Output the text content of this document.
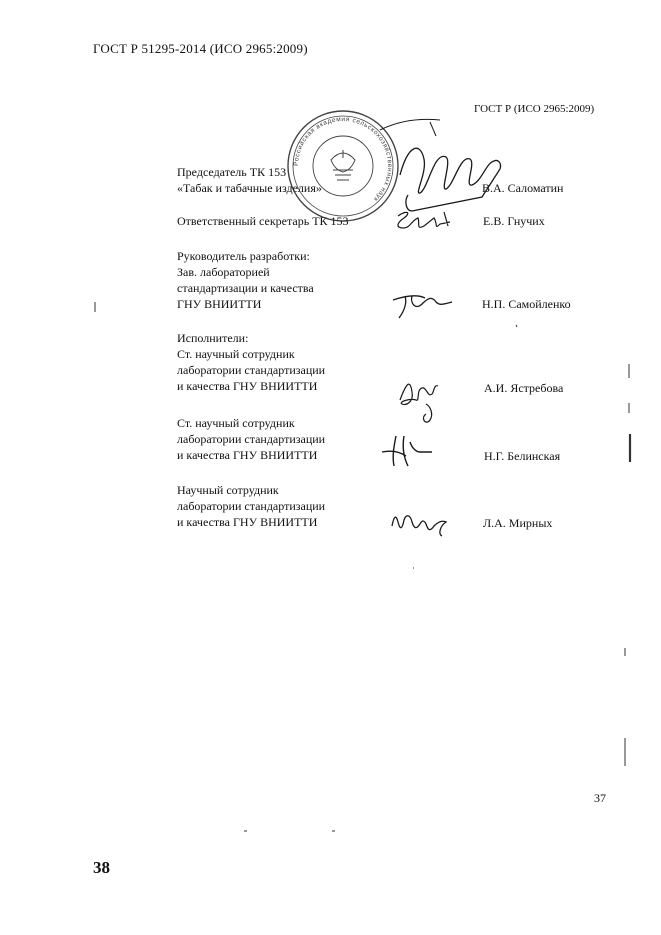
ГОСТ Р 51295-2014 (ИСО 2965:2009)
ГОСТ Р (ИСО 2965:2009)
Председатель ТК 153
«Табак и табачные изделия»	В.А. Саломатин
Ответственный секретарь ТК 153	Е.В. Гнучих
Руководитель разработки:
Зав. лабораторией
стандартизации и качества
ГНУ ВНИИТТИ	Н.П. Самойленко
Исполнители:
Ст. научный сотрудник
лаборатории стандартизации
и качества ГНУ ВНИИТТИ	А.И. Ястребова
Ст. научный сотрудник
лаборатории стандартизации
и качества ГНУ ВНИИТТИ	Н.Г. Белинская
Научный сотрудник
лаборатории стандартизации
и качества ГНУ ВНИИТТИ	Л.А. Мирных
37
38
Российская академия сельскохозяйственных наук
